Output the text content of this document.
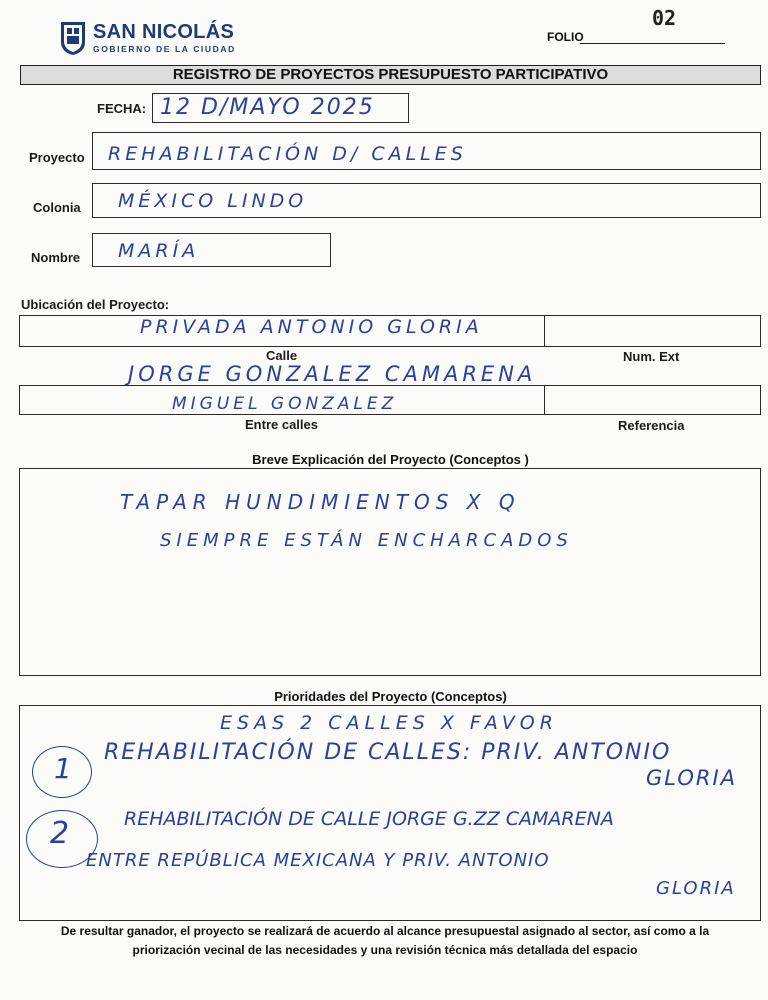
SAN NICOLÁS
GOBIERNO DE LA CIUDAD
02
FOLIO
REGISTRO DE PROYECTOS PRESUPUESTO PARTICIPATIVO
FECHA: 12 D/MAYO 2025
Proyecto REHABILITACIÓN D/ CALLES
Colonia MÉXICO LINDO
Nombre MARÍA
Ubicación del Proyecto:
PRIVADA ANTONIO GLORIA
Calle	Num. Ext
JORGE GONZALEZ CAMARENA
MIGUEL GONZALEZ
Entre calles	Referencia
Breve Explicación del Proyecto (Conceptos )
TAPAR HUNDIMIENTOS X Q
SIEMPRE ESTÁN ENCHARCADOS
Prioridades del Proyecto (Conceptos)
ESAS 2 CALLES X FAVOR
1 REHABILITACIÓN DE CALLES: PRIV. ANTONIO
GLORIA
2	REHABILITACIÓN DE CALLE JORGE G.ZZ CAMARENA
ENTRE REPÚBLICA MEXICANA Y PRIV. ANTONIO
GLORIA
De resultar ganador, el proyecto se realizará de acuerdo al alcance presupuestal asignado al sector, así como a la priorización vecinal de las necesidades y una revisión técnica más detallada del espacio
